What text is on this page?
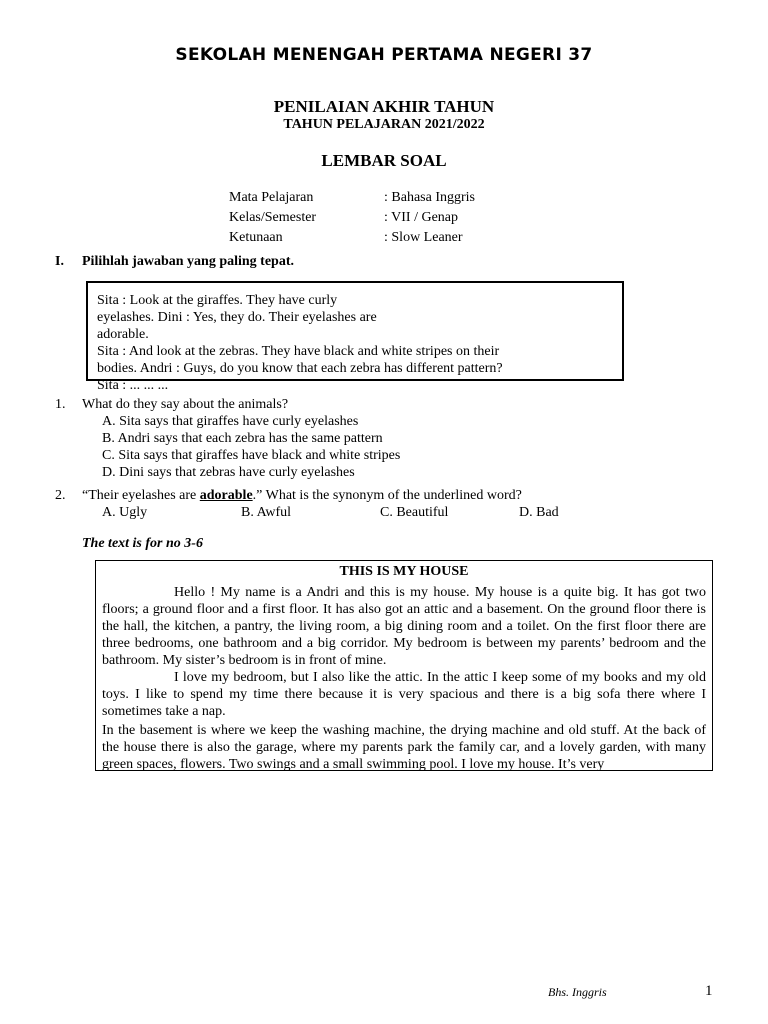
SEKOLAH MENENGAH PERTAMA NEGERI 37
PENILAIAN AKHIR TAHUN
TAHUN PELAJARAN 2021/2022
LEMBAR SOAL
Mata Pelajaran	: Bahasa Inggris
Kelas/Semester	: VII / Genap
Ketunaan	: Slow Leaner
I. Pilihlah jawaban yang paling tepat.
Sita : Look at the giraffes. They have curly
eyelashes. Dini : Yes, they do. Their eyelashes are
adorable.
Sita : And look at the zebras. They have black and white stripes on their
bodies. Andri : Guys, do you know that each zebra has different pattern?
Sita : ... ... ...
1. What do they say about the animals?
A. Sita says that giraffes have curly eyelashes
B. Andri says that each zebra has the same pattern
C. Sita says that giraffes have black and white stripes
D. Dini says that zebras have curly eyelashes
2. “Their eyelashes are adorable.” What is the synonym of the underlined word?
A. Ugly	B. Awful	C. Beautiful	D. Bad
The text is for no 3-6
THIS IS MY HOUSE
Hello ! My name is a Andri and this is my house. My house is a quite big. It has got two floors; a ground floor and a first floor. It has also got an attic and a basement. On the ground floor there is the hall, the kitchen, a pantry, the living room, a big dining room and a toilet. On the first floor there are three bedrooms, one bathroom and a big corridor. My bedroom is between my parents’ bedroom and the bathroom. My sister’s bedroom is in front of mine.
I love my bedroom, but I also like the attic. In the attic I keep some of my books and my old toys. I like to spend my time there because it is very spacious and there is a big sofa there where I sometimes take a nap.
In the basement is where we keep the washing machine, the drying machine and old stuff. At the back of the house there is also the garage, where my parents park the family car, and a lovely garden, with many green spaces, flowers. Two swings and a small swimming pool. I love my house. It’s very
Bhs. Inggris	1
